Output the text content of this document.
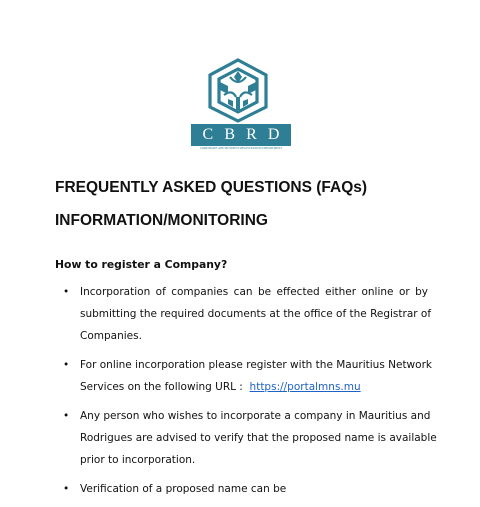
C B R D
CORPORATE AND BUSINESS REGISTRATION DEPARTMENT
FREQUENTLY ASKED QUESTIONS (FAQs)
INFORMATION/MONITORING

How to register a Company?

• Incorporation of companies can be effected either online or by
submitting the required documents at the office of the Registrar of
Companies.
• For online incorporation please register with the Mauritius Network
Services on the following URL : https://portalmns.mu
• Any person who wishes to incorporate a company in Mauritius and
Rodrigues are advised to verify that the proposed name is available
prior to incorporation.
• Verification of a proposed name can be
